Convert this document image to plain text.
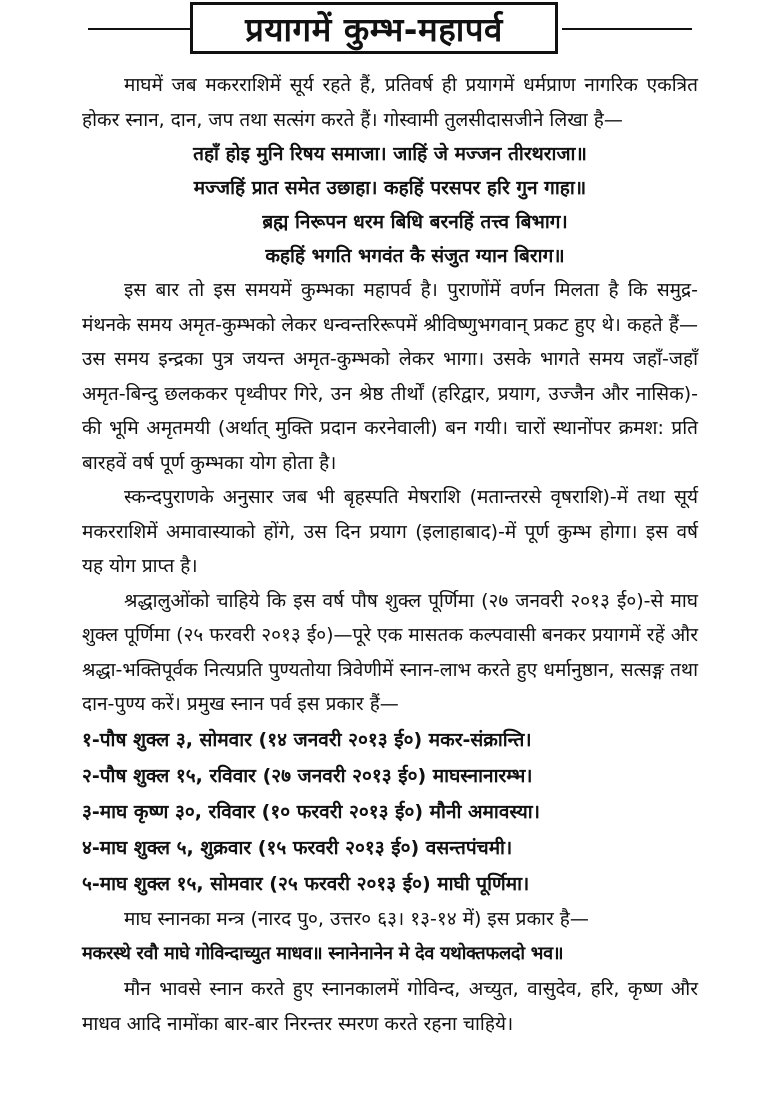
प्रयागमें कुम्भ-महापर्व

माघमें जब मकरराशिमें सूर्य रहते हैं, प्रतिवर्ष ही प्रयागमें धर्मप्राण नागरिक एकत्रित होकर स्नान, दान, जप तथा सत्संग करते हैं। गोस्वामी तुलसीदासजीने लिखा है—

तहाँ होइ मुनि रिषय समाजा। जाहिं जे मज्जन तीरथराजा॥

मज्जहिं प्रात समेत उछाहा। कहहिं परसपर हरि गुन गाहा॥

ब्रह्म निरूपन धरम बिधि बरनहिं तत्त्व बिभाग।

कहहिं भगति भगवंत कै संजुत ग्यान बिराग॥

इस बार तो इस समयमें कुम्भका महापर्व है। पुराणोंमें वर्णन मिलता है कि समुद्र-मंथनके समय अमृत-कुम्भको लेकर धन्वन्तरिरूपमें श्रीविष्णुभगवान् प्रकट हुए थे। कहते हैं—उस समय इन्द्रका पुत्र जयन्त अमृत-कुम्भको लेकर भागा। उसके भागते समय जहाँ-जहाँ अमृत-बिन्दु छलककर पृथ्वीपर गिरे, उन श्रेष्ठ तीर्थों (हरिद्वार, प्रयाग, उज्जैन और नासिक)-की भूमि अमृतमयी (अर्थात् मुक्ति प्रदान करनेवाली) बन गयी। चारों स्थानोंपर क्रमश: प्रति बारहवें वर्ष पूर्ण कुम्भका योग होता है।

स्कन्दपुराणके अनुसार जब भी बृहस्पति मेषराशि (मतान्तरसे वृषराशि)-में तथा सूर्य मकरराशिमें अमावास्याको होंगे, उस दिन प्रयाग (इलाहाबाद)-में पूर्ण कुम्भ होगा। इस वर्ष यह योग प्राप्त है।

श्रद्धालुओंको चाहिये कि इस वर्ष पौष शुक्ल पूर्णिमा (२७ जनवरी २०१३ ई०)-से माघ शुक्ल पूर्णिमा (२५ फरवरी २०१३ ई०)—पूरे एक मासतक कल्पवासी बनकर प्रयागमें रहें और श्रद्धा-भक्तिपूर्वक नित्यप्रति पुण्यतोया त्रिवेणीमें स्नान-लाभ करते हुए धर्मानुष्ठान, सत्सङ्ग तथा दान-पुण्य करें। प्रमुख स्नान पर्व इस प्रकार हैं—

१-पौष शुक्ल ३, सोमवार (१४ जनवरी २०१३ ई०) मकर-संक्रान्ति।
२-पौष शुक्ल १५, रविवार (२७ जनवरी २०१३ ई०) माघस्नानारम्भ।
३-माघ कृष्ण ३०, रविवार (१० फरवरी २०१३ ई०) मौनी अमावस्या।
४-माघ शुक्ल ५, शुक्रवार (१५ फरवरी २०१३ ई०) वसन्तपंचमी।
५-माघ शुक्ल १५, सोमवार (२५ फरवरी २०१३ ई०) माघी पूर्णिमा।

माघ स्नानका मन्त्र (नारद पु०, उत्तर० ६३। १३-१४ में) इस प्रकार है—

मकरस्थे रवौ माघे गोविन्दाच्युत माधव॥ स्नानेनानेन मे देव यथोक्तफलदो भव॥

मौन भावसे स्नान करते हुए स्नानकालमें गोविन्द, अच्युत, वासुदेव, हरि, कृष्ण और माधव आदि नामोंका बार-बार निरन्तर स्मरण करते रहना चाहिये।
